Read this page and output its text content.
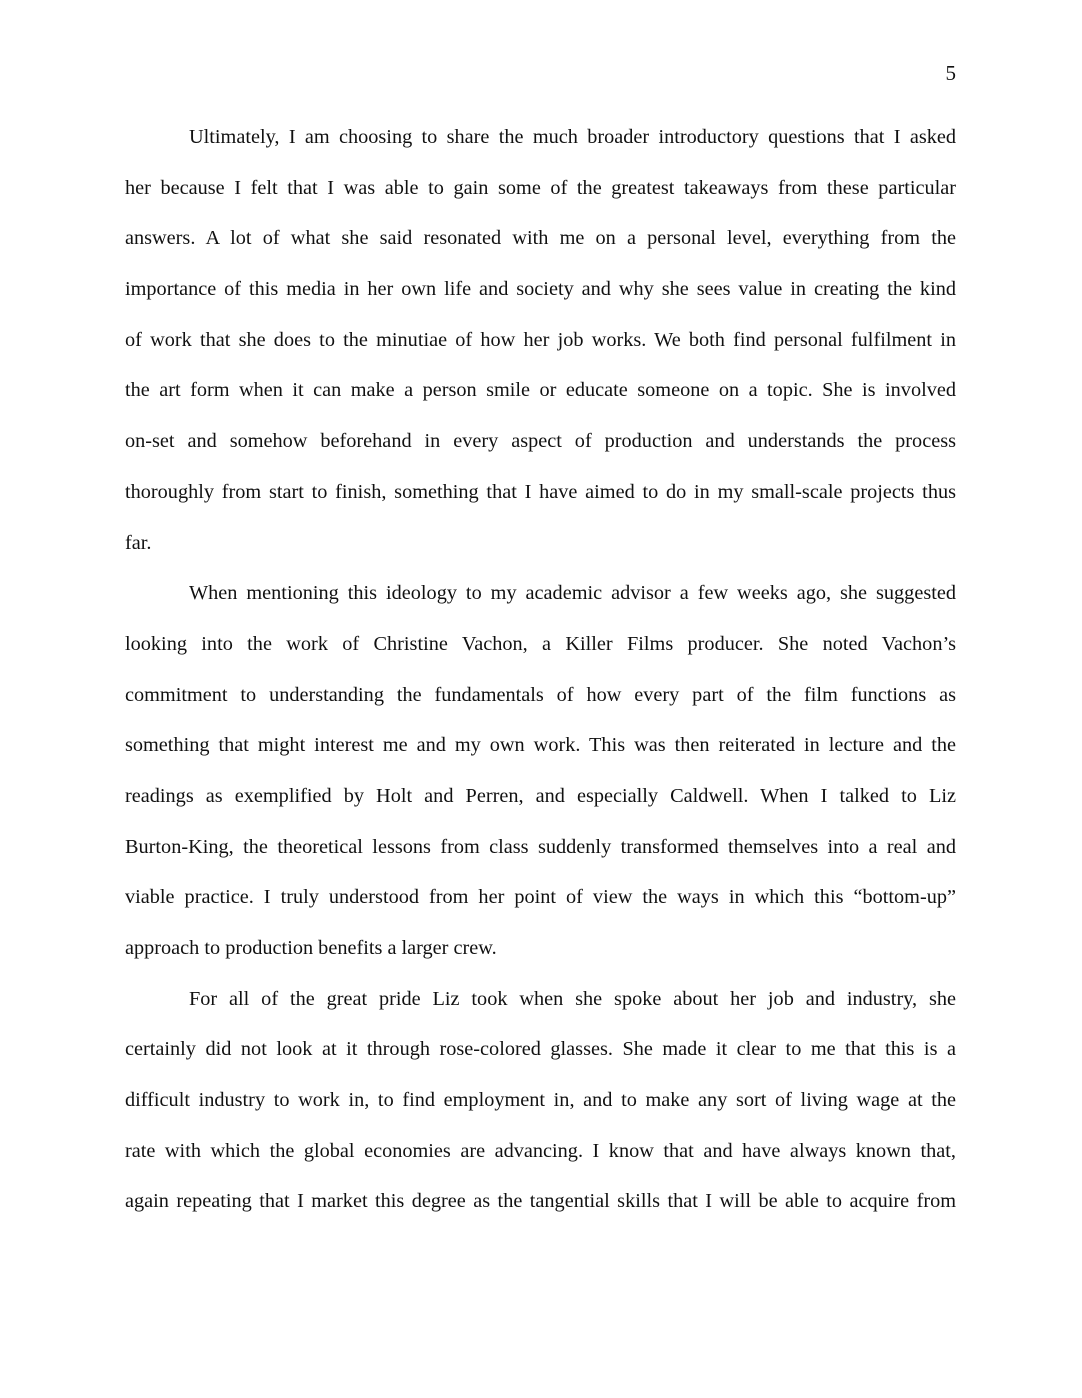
5
Ultimately, I am choosing to share the much broader introductory questions that I asked
her because I felt that I was able to gain some of the greatest takeaways from these particular
answers. A lot of what she said resonated with me on a personal level, everything from the
importance of this media in her own life and society and why she sees value in creating the kind
of work that she does to the minutiae of how her job works. We both find personal fulfilment in
the art form when it can make a person smile or educate someone on a topic. She is involved
on-set and somehow beforehand in every aspect of production and understands the process
thoroughly from start to finish, something that I have aimed to do in my small-scale projects thus
far.
When mentioning this ideology to my academic advisor a few weeks ago, she suggested
looking into the work of Christine Vachon, a Killer Films producer. She noted Vachon’s
commitment to understanding the fundamentals of how every part of the film functions as
something that might interest me and my own work. This was then reiterated in lecture and the
readings as exemplified by Holt and Perren, and especially Caldwell. When I talked to Liz
Burton-King, the theoretical lessons from class suddenly transformed themselves into a real and
viable practice. I truly understood from her point of view the ways in which this “bottom-up”
approach to production benefits a larger crew.
For all of the great pride Liz took when she spoke about her job and industry, she
certainly did not look at it through rose-colored glasses. She made it clear to me that this is a
difficult industry to work in, to find employment in, and to make any sort of living wage at the
rate with which the global economies are advancing. I know that and have always known that,
again repeating that I market this degree as the tangential skills that I will be able to acquire from
